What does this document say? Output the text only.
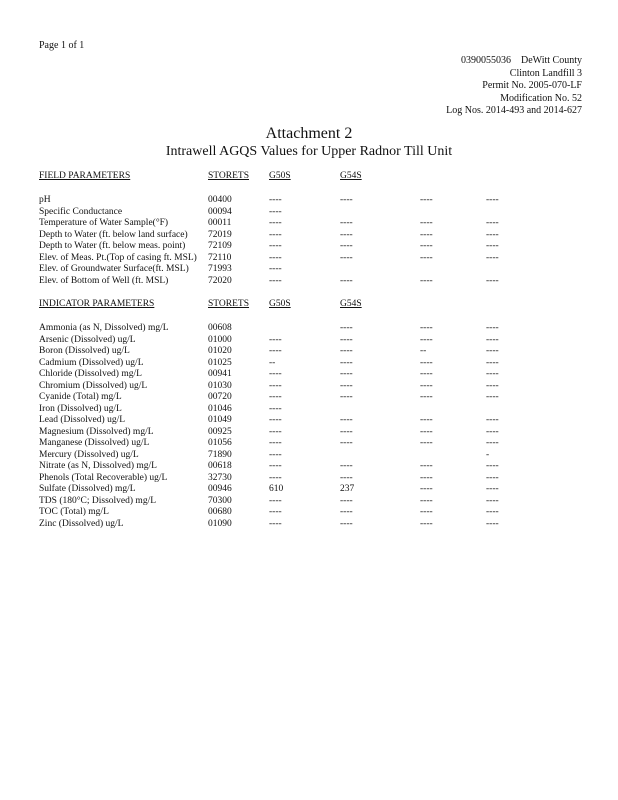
Page 1 of 1
0390055036    DeWitt County
Clinton Landfill 3
Permit No. 2005-070-LF
Modification No. 52
Log Nos. 2014-493 and 2014-627
Attachment 2
Intrawell AGQS Values for Upper Radnor Till Unit
FIELD PARAMETERS	STORETS	G50S	G54S		

pH	00400	----	----	----	----
Specific Conductance	00094	----			
Temperature of Water Sample(°F)	00011	----	----	----	----
Depth to Water (ft. below land surface)	72019	----	----	----	----
Depth to Water (ft. below meas. point)	72109	----	----	----	----
Elev. of Meas. Pt.(Top of casing ft. MSL)	72110	----	----	----	----
Elev. of Groundwater Surface(ft. MSL)	71993	----			
Elev. of Bottom of Well (ft. MSL)	72020	----	----	----	----
INDICATOR PARAMETERS	STORETS	G50S	G54S		

Ammonia (as N, Dissolved) mg/L	00608		----	----	----
Arsenic (Dissolved) ug/L	01000	----	----	----	----
Boron (Dissolved) ug/L	01020	----	----	--	----
Cadmium (Dissolved) ug/L	01025	--	----	----	----
Chloride (Dissolved) mg/L	00941	----	----	----	----
Chromium (Dissolved) ug/L	01030	----	----	----	----
Cyanide (Total) mg/L	00720	----	----	----	----
Iron (Dissolved) ug/L	01046	----			
Lead (Dissolved) ug/L	01049	----	----	----	----
Magnesium (Dissolved) mg/L	00925	----	----	----	----
Manganese (Dissolved) ug/L	01056	----	----	----	----
Mercury (Dissolved) ug/L	71890	----			-
Nitrate (as N, Dissolved) mg/L	00618	----	----	----	----
Phenols (Total Recoverable) ug/L	32730	----	----	----	----
Sulfate (Dissolved) mg/L	00946	610	237	----	----
TDS (180°C; Dissolved) mg/L	70300	----	----	----	----
TOC (Total) mg/L	00680	----	----	----	----
Zinc (Dissolved) ug/L	01090	----	----	----	----
